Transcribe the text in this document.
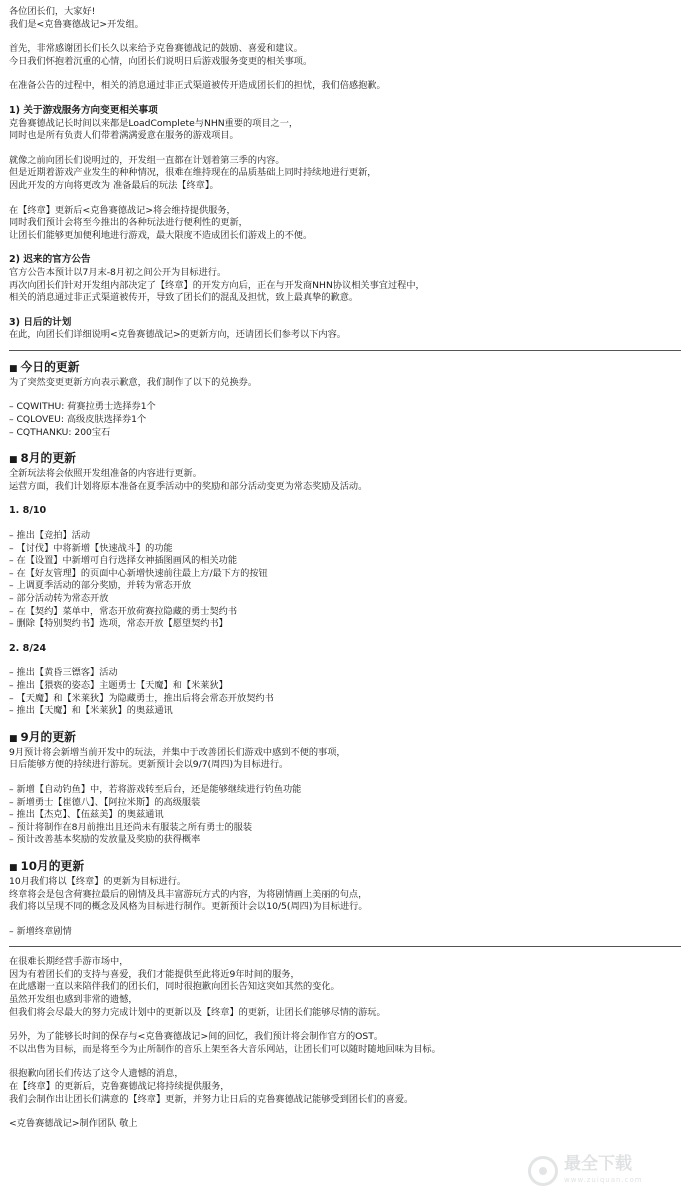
各位团长们，大家好!
我们是<克鲁赛德战记>开发组。
首先，非常感谢团长们长久以来给予克鲁赛德战记的鼓励、喜爱和建议。
今日我们怀抱着沉重的心情，向团长们说明日后游戏服务变更的相关事项。
在准备公告的过程中，相关的消息通过非正式渠道被传开造成团长们的担忧，我们倍感抱歉。
1) 关于游戏服务方向变更相关事项
克鲁赛德战记长时间以来都是LoadComplete与NHN重要的项目之一，
同时也是所有负责人们带着满满爱意在服务的游戏项目。
就像之前向团长们说明过的，开发组一直都在计划着第三季的内容。
但是近期着游戏产业发生的种种情况，很难在维持现在的品质基础上同时持续地进行更新，
因此开发的方向将更改为 准备最后的玩法【终章】。
在【终章】更新后<克鲁赛德战记>将会维持提供服务，
同时我们预计会将至今推出的各种玩法进行便利性的更新，
让团长们能够更加便利地进行游戏，最大限度不造成团长们游戏上的不便。
2) 迟来的官方公告
官方公告本预计以7月末-8月初之间公开为目标进行。
再次向团长们针对开发组内部决定了【终章】的开发方向后，正在与开发商NHN协议相关事宜过程中，
相关的消息通过非正式渠道被传开，导致了团长们的混乱及担忧，致上最真挚的歉意。
3) 日后的计划
在此，向团长们详细说明<克鲁赛德战记>的更新方向，还请团长们参考以下内容。
■ 今日的更新
为了突然变更更新方向表示歉意，我们制作了以下的兑换券。
– CQWITHU: 荷赛拉勇士选择券1个
– CQLOVEU: 高级皮肤选择券1个
– CQTHANKU: 200宝石
■ 8月的更新
全新玩法将会依照开发组准备的内容进行更新。
运营方面，我们计划将原本准备在夏季活动中的奖励和部分活动变更为常态奖励及活动。
1. 8/10
– 推出【竞拍】活动
– 【讨伐】中将新增【快速战斗】的功能
– 在【设置】中新增可自行选择女神插图画风的相关功能
– 在【好友管理】的页面中心新增快速前往最上方/最下方的按钮
– 上调夏季活动的部分奖励，并转为常态开放
– 部分活动转为常态开放
– 在【契约】菜单中，常态开放荷赛拉隐藏的勇士契约书
– 删除【特别契约书】选项，常态开放【愿望契约书】
2. 8/24
– 推出【黄昏三镖客】活动
– 推出【猥亵的姿态】主题勇士【天魔】和【米莱狄】
– 【天魔】和【米莱狄】为隐藏勇士，推出后将会常态开放契约书
– 推出【天魔】和【米莱狄】的奥兹通讯
■ 9月的更新
9月预计将会新增当前开发中的玩法，并集中于改善团长们游戏中感到不便的事项，
日后能够方便的持续进行游玩。更新预计会以9/7(周四)为目标进行。
– 新增【自动钓鱼】中，若将游戏转至后台，还是能够继续进行钓鱼功能
– 新增勇士【崔德八】、【阿拉米斯】的高级服装
– 推出【杰克】、【伍兹美】的奥兹通讯
– 预计将制作在8月前推出且还尚未有服装之所有勇士的服装
– 预计改善基本奖励的发放量及奖励的获得概率
■ 10月的更新
10月我们将以【终章】的更新为目标进行。
终章将会是包含荷赛拉最后的剧情及具丰富游玩方式的内容，为将剧情画上美丽的句点，
我们将以呈现不同的概念及风格为目标进行制作。更新预计会以10/5(周四)为目标进行。
– 新增终章剧情
在很难长期经营手游市场中，
因为有着团长们的支持与喜爱，我们才能提供至此将近9年时间的服务，
在此感谢一直以来陪伴我们的团长们，同时很抱歉向团长告知这突如其然的变化。
虽然开发组也感到非常的遗憾，
但我们将会尽最大的努力完成计划中的更新以及【终章】的更新，让团长们能够尽情的游玩。
另外，为了能够长时间的保存与<克鲁赛德战记>间的回忆，我们预计将会制作官方的OST。
不以出售为目标，而是将至今为止所制作的音乐上架至各大音乐网站，让团长们可以随时随地回味为目标。
很抱歉向团长们传达了这令人遗憾的消息，
在【终章】的更新后，克鲁赛德战记将持续提供服务，
我们会制作出让团长们满意的【终章】更新，并努力让日后的克鲁赛德战记能够受到团长们的喜爱。
<克鲁赛德战记>制作团队 敬上
最全下载
www.zuiquan.com
